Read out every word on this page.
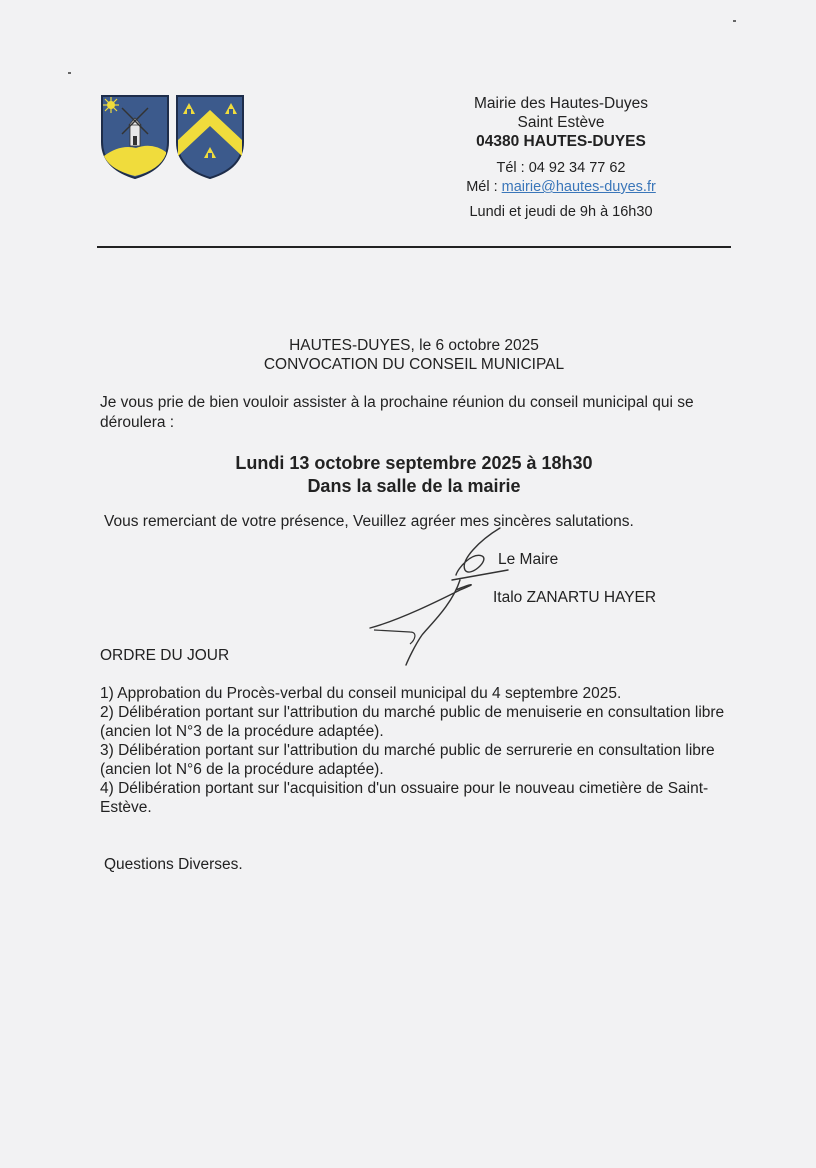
Mairie des Hautes-Duyes
Saint Estève
04380 HAUTES-DUYES
Tél : 04 92 34 77 62
Mél : mairie@hautes-duyes.fr
Lundi et jeudi de 9h à 16h30
HAUTES-DUYES, le 6 octobre 2025
CONVOCATION DU CONSEIL MUNICIPAL
Je vous prie de bien vouloir assister à la prochaine réunion du conseil municipal qui se déroulera :
Lundi 13 octobre septembre 2025 à 18h30
Dans la salle de la mairie
Vous remerciant de votre présence, Veuillez agréer mes sincères salutations.
Le Maire
Italo ZANARTU HAYER
ORDRE DU JOUR
1) Approbation du Procès-verbal du conseil municipal du 4 septembre 2025.
2) Délibération portant sur l'attribution du marché public de menuiserie en consultation libre (ancien lot N°3 de la procédure adaptée).
3) Délibération portant sur l'attribution du marché public de serrurerie en consultation libre (ancien lot N°6 de la procédure adaptée).
4) Délibération portant sur l'acquisition d'un ossuaire pour le nouveau cimetière de Saint-Estève.
Questions Diverses.
